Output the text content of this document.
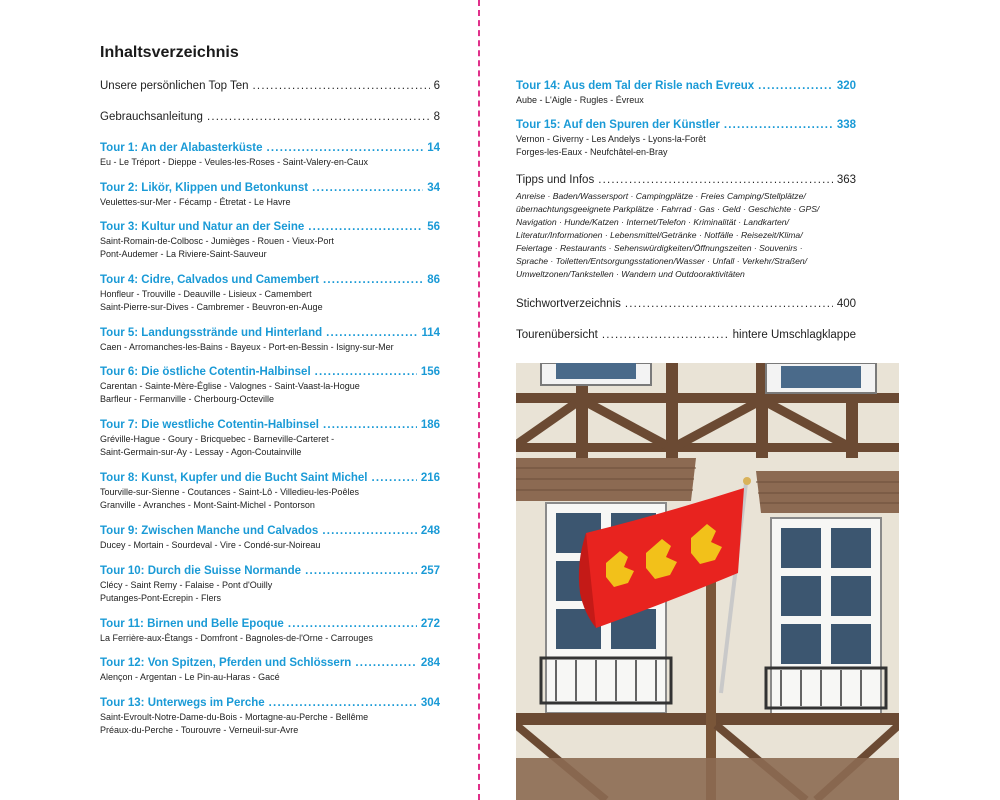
Inhaltsverzeichnis
Unsere persönlichen Top Ten . . .	6
Gebrauchsanleitung . . .	8
Tour 1: An der Alabasterküste . . .	14
Eu - Le Tréport - Dieppe - Veules-les-Roses - Saint-Valery-en-Caux
Tour 2: Likör, Klippen und Betonkunst . . .	34
Veulettes-sur-Mer - Fécamp - Étretat - Le Havre
Tour 3: Kultur und Natur an der Seine . . .	56
Saint-Romain-de-Colbosc - Jumièges - Rouen - Vieux-Port
Pont-Audemer - La Riviere-Saint-Sauveur
Tour 4: Cidre, Calvados und Camembert . . .	86
Honfleur - Trouville - Deauville - Lisieux - Camembert
Saint-Pierre-sur-Dives - Cambremer - Beuvron-en-Auge
Tour 5: Landungsstrände und Hinterland . . .	114
Caen - Arromanches-les-Bains - Bayeux - Port-en-Bessin - Isigny-sur-Mer
Tour 6: Die östliche Cotentin-Halbinsel . . .	156
Carentan - Sainte-Mère-Église - Valognes - Saint-Vaast-la-Hogue
Barfleur - Fermanville - Cherbourg-Octeville
Tour 7: Die westliche Cotentin-Halbinsel . . .	186
Gréville-Hague - Goury - Bricquebec - Barneville-Carteret -
Saint-Germain-sur-Ay - Lessay - Agon-Coutainville
Tour 8: Kunst, Kupfer und die Bucht Saint Michel . . .	216
Tourville-sur-Sienne - Coutances - Saint-Lô - Villedieu-les-Poêles
Granville - Avranches - Mont-Saint-Michel - Pontorson
Tour 9: Zwischen Manche und Calvados . . .	248
Ducey - Mortain - Sourdeval - Vire - Condé-sur-Noireau
Tour 10: Durch die Suisse Normande . . .	257
Clécy - Saint Remy - Falaise - Pont d'Ouilly
Putanges-Pont-Ecrepin - Flers
Tour 11: Birnen und Belle Époque . . .	272
La Ferrière-aux-Étangs - Domfront - Bagnoles-de-l'Orne - Carrouges
Tour 12: Von Spitzen, Pferden und Schlössern . . .	284
Alençon - Argentan - Le Pin-au-Haras - Gacé
Tour 13: Unterwegs im Perche . . .	304
Saint-Evroult-Notre-Dame-du-Bois - Mortagne-au-Perche - Bellême
Préaux-du-Perche - Tourouvre - Verneuil-sur-Avre
Tour 14: Aus dem Tal der Risle nach Évreux . . .	320
Aube - L'Aigle - Rugles - Évreux
Tour 15: Auf den Spuren der Künstler . . .	338
Vernon - Giverny - Les Andelys - Lyons-la-Forêt
Forges-les-Eaux - Neufchâtel-en-Bray
Tipps und Infos . . .	363
Anreise · Baden/Wassersport · Campingplätze · Freies Camping/Stellplätze/
übernachtungsgeeignete Parkplätze · Fahrrad · Gas · Geld · Geschichte · GPS/
Navigation · Hunde/Katzen · Internet/Telefon · Kriminalität · Landkarten/
Literatur/Informationen · Lebensmittel/Getränke · Notfälle · Reisezeit/Klima/
Feiertage · Restaurants · Sehenswürdigkeiten/Öffnungszeiten · Souvenirs ·
Sprache · Toiletten/Entsorgungsstationen/Wasser · Unfall · Verkehr/Straßen/
Umweltzonen/Tankstellen · Wandern und Outdooraktivitäten
Stichwortverzeichnis . . .	400
Tourenübersicht . . .	hintere Umschlagklappe
